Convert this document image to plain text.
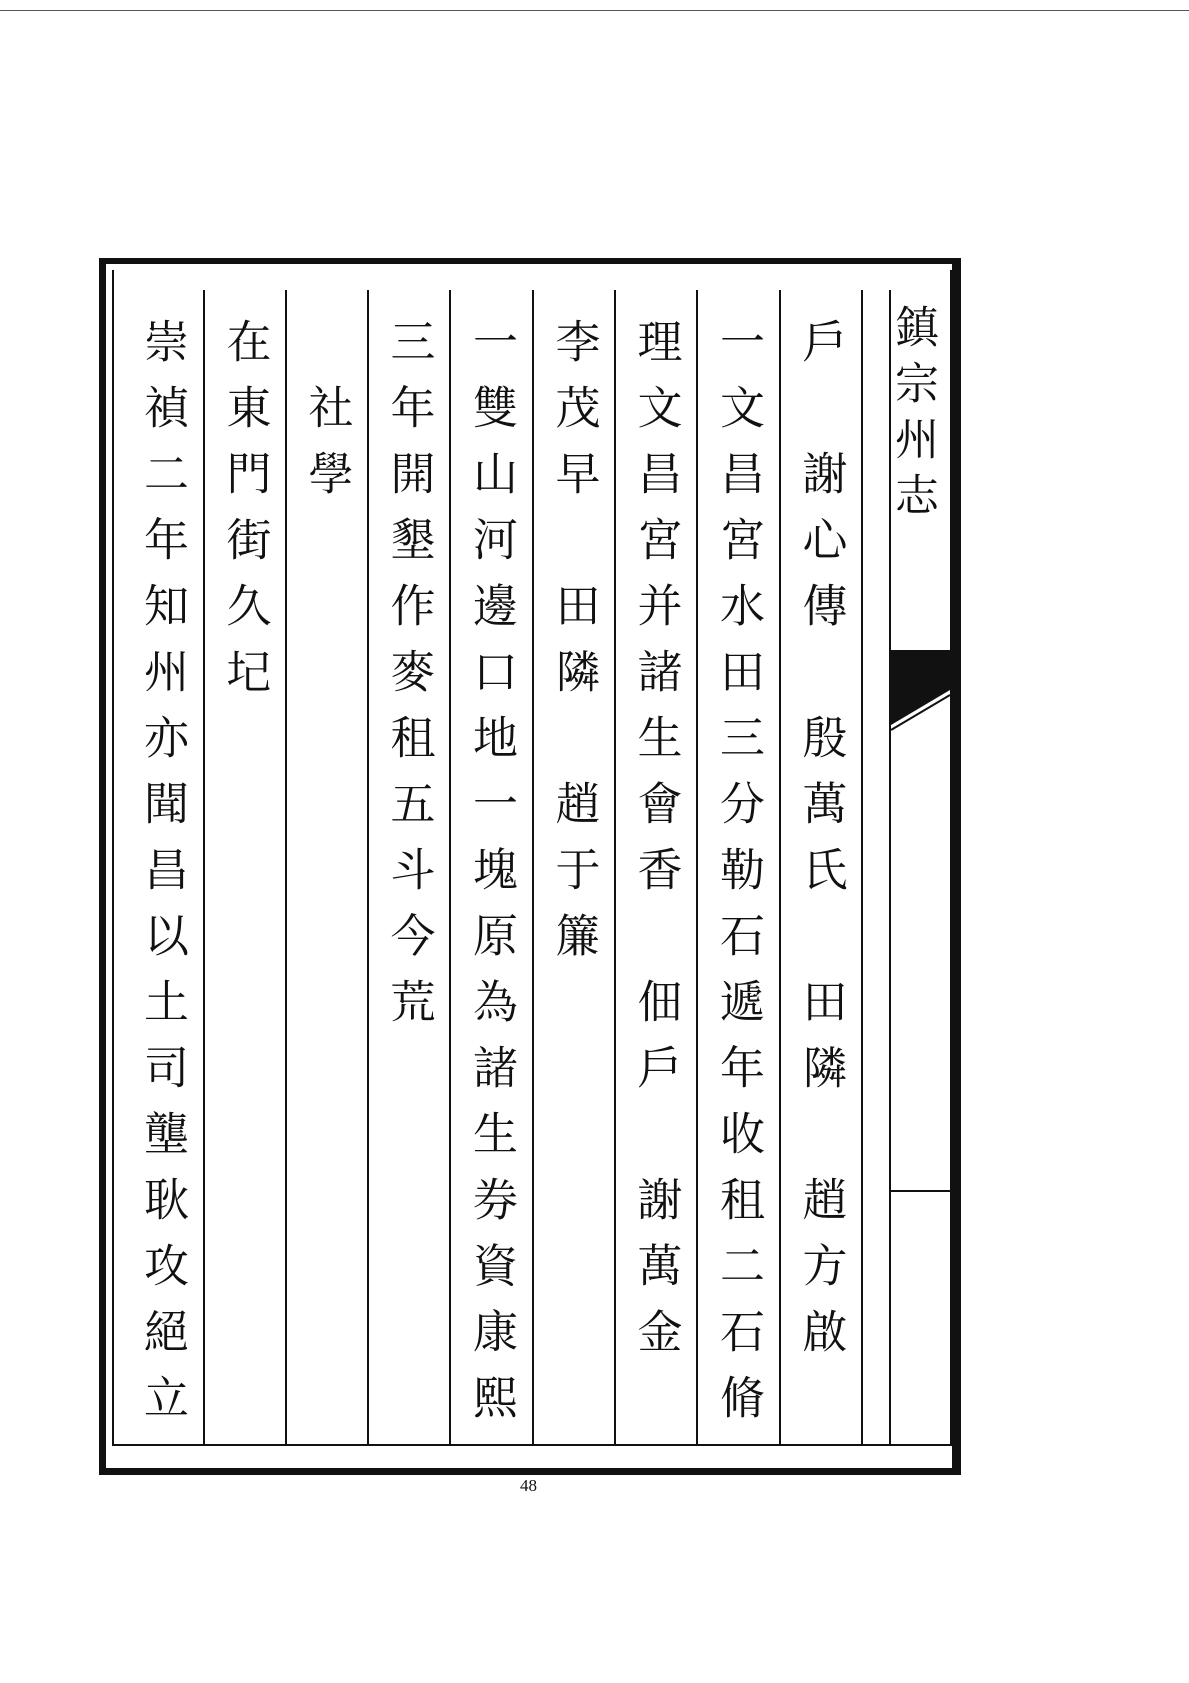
鎮宗州志
戶　謝心傳　殷萬氏　田隣　趙方啟
一文昌宮水田三分勒石遞年收租二石脩
理文昌宮并諸生會香　佃戶　謝萬金
李茂早　田隣　趙于簾
一雙山河邊口地一塊原為諸生券資康熙
三年開墾作麥租五斗今荒
　社學
在東門街久圮
崇禎二年知州亦聞昌以土司壟耿攻絕立
48
